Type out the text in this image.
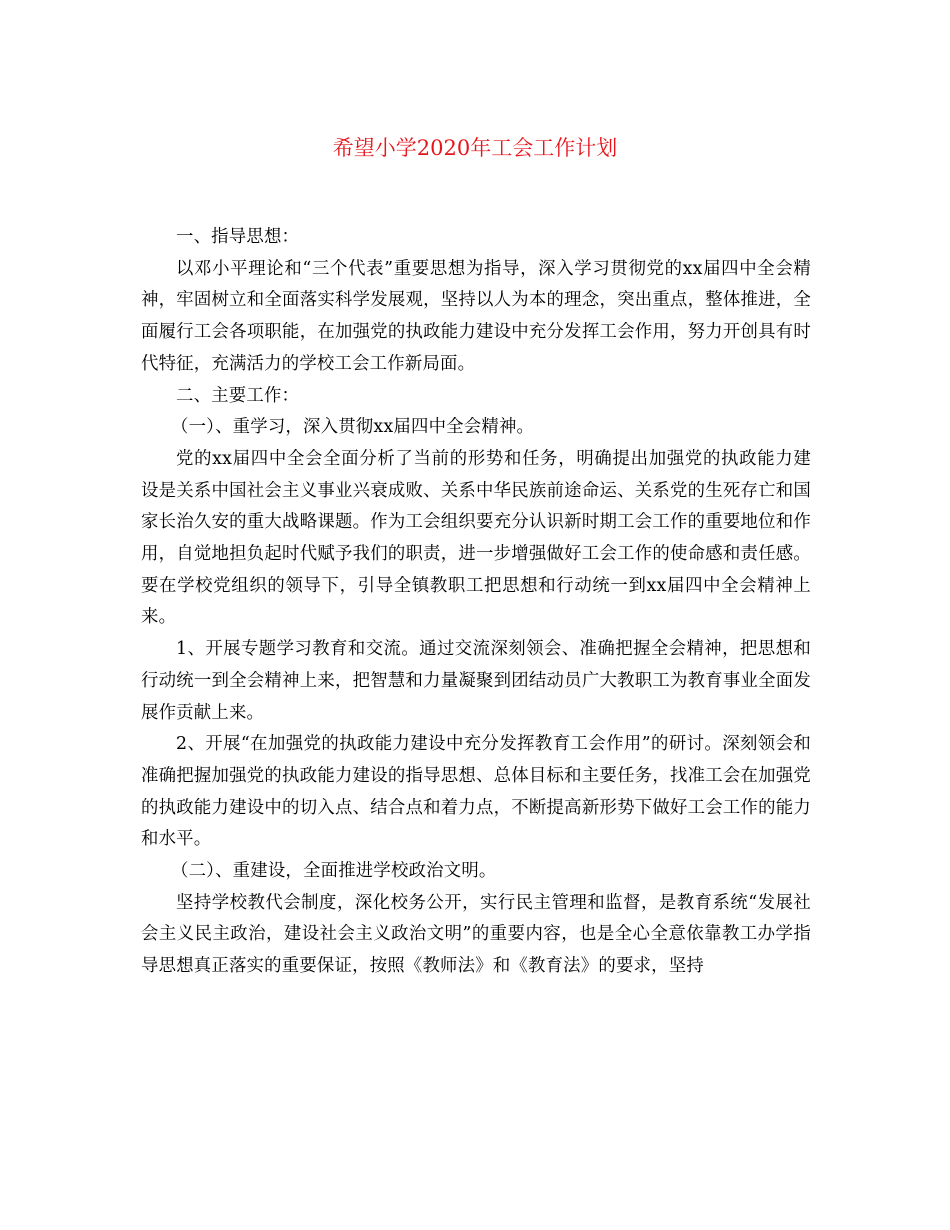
希望小学2020年工会工作计划

一、指导思想：

以邓小平理论和“三个代表”重要思想为指导，深入学习贯彻党的xx届四中全会精神，牢固树立和全面落实科学发展观，坚持以人为本的理念，突出重点，整体推进，全面履行工会各项职能，在加强党的执政能力建设中充分发挥工会作用，努力开创具有时代特征，充满活力的学校工会工作新局面。

二、主要工作：

（一）、重学习，深入贯彻xx届四中全会精神。

党的xx届四中全会全面分析了当前的形势和任务，明确提出加强党的执政能力建设是关系中国社会主义事业兴衰成败、关系中华民族前途命运、关系党的生死存亡和国家长治久安的重大战略课题。作为工会组织要充分认识新时期工会工作的重要地位和作用，自觉地担负起时代赋予我们的职责，进一步增强做好工会工作的使命感和责任感。要在学校党组织的领导下，引导全镇教职工把思想和行动统一到xx届四中全会精神上来。

1、开展专题学习教育和交流。通过交流深刻领会、准确把握全会精神，把思想和行动统一到全会精神上来，把智慧和力量凝聚到团结动员广大教职工为教育事业全面发展作贡献上来。

2、开展“在加强党的执政能力建设中充分发挥教育工会作用”的研讨。深刻领会和准确把握加强党的执政能力建设的指导思想、总体目标和主要任务，找准工会在加强党的执政能力建设中的切入点、结合点和着力点，不断提高新形势下做好工会工作的能力和水平。

（二）、重建设，全面推进学校政治文明。

坚持学校教代会制度，深化校务公开，实行民主管理和监督，是教育系统“发展社会主义民主政治，建设社会主义政治文明”的重要内容，也是全心全意依靠教工办学指导思想真正落实的重要保证，按照《教师法》和《教育法》的要求，坚持
